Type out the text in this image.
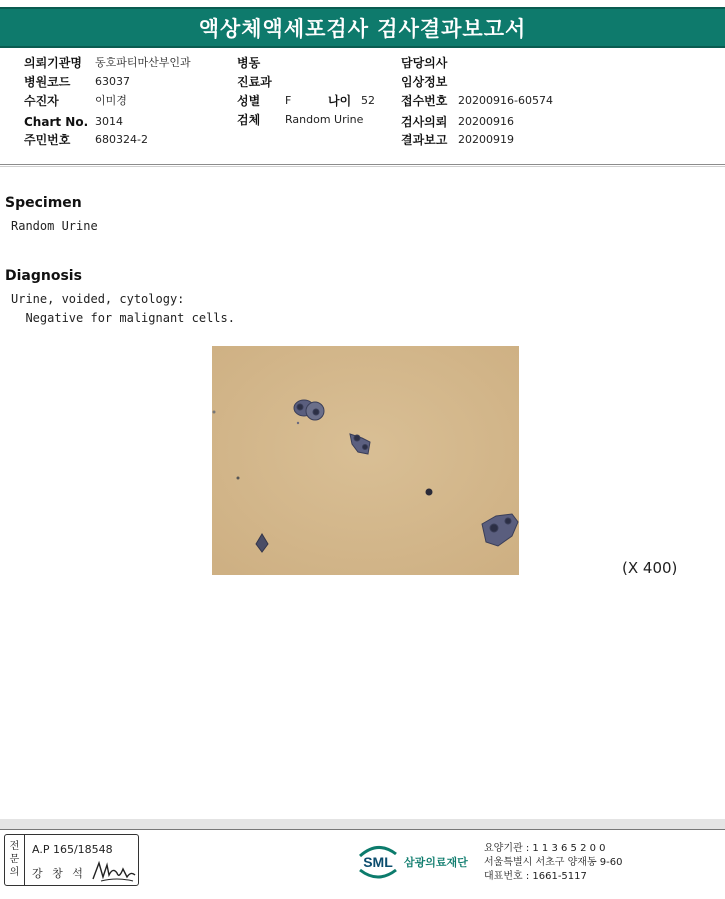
액상체액세포검사 검사결과보고서
의뢰기관명 동호파티마산부인과
병원코드 63037
수진자	이미경
Chart No. 3014
주민번호 680324-2
병동
진료과
성별 F	나이 52
검체 Random Urine
담당의사
임상정보
접수번호 20200916-60574
검사의뢰 20200916
결과보고 20200919
Specimen
Random Urine
Diagnosis
Urine, voided, cytology:
Negative for malignant cells.
(X 400)
전문의
A.P 165/18548
강 창 석
SML 삼광의료재단
요양기관 : 1 1 3 6 5 2 0 0
서울특별시 서초구 양재동 9-60
대표번호 : 1661-5117
